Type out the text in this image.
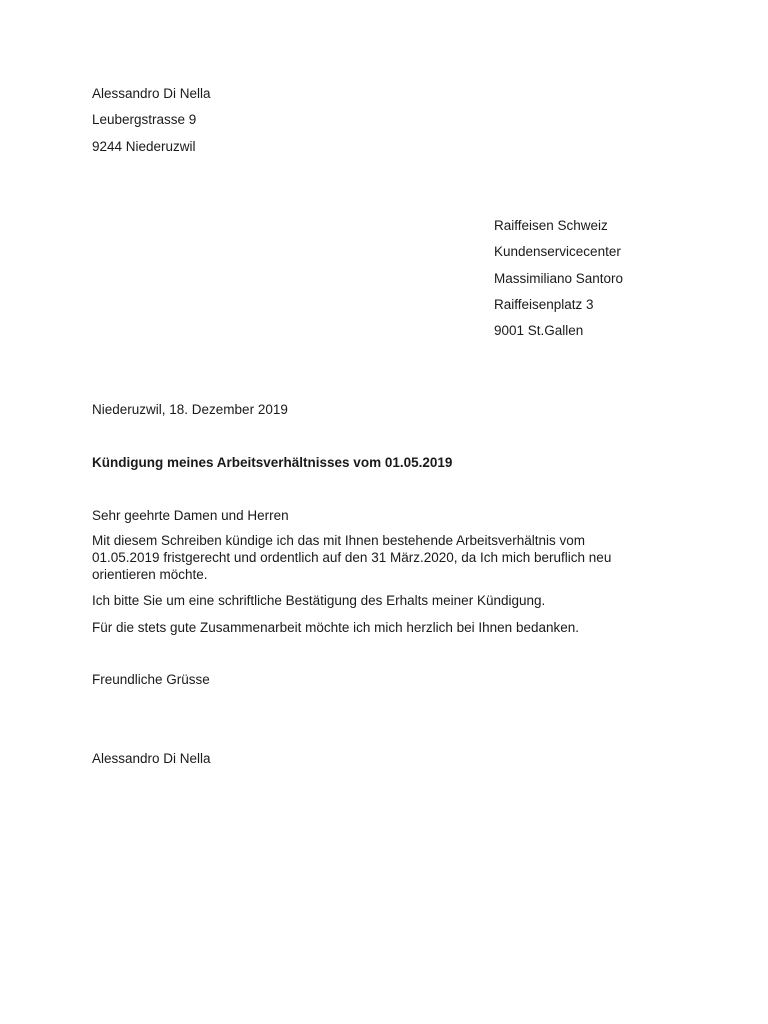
Alessandro Di Nella
Leubergstrasse 9
9244 Niederuzwil
Raiffeisen Schweiz
Kundenservicecenter
Massimiliano Santoro
Raiffeisenplatz 3
9001 St.Gallen
Niederuzwil, 18. Dezember 2019
Kündigung meines Arbeitsverhältnisses vom 01.05.2019
Sehr geehrte Damen und Herren
Mit diesem Schreiben kündige ich das mit Ihnen bestehende Arbeitsverhältnis vom
01.05.2019 fristgerecht und ordentlich auf den 31 März.2020, da Ich mich beruflich neu
orientieren möchte.
Ich bitte Sie um eine schriftliche Bestätigung des Erhalts meiner Kündigung.
Für die stets gute Zusammenarbeit möchte ich mich herzlich bei Ihnen bedanken.
Freundliche Grüsse
Alessandro Di Nella
